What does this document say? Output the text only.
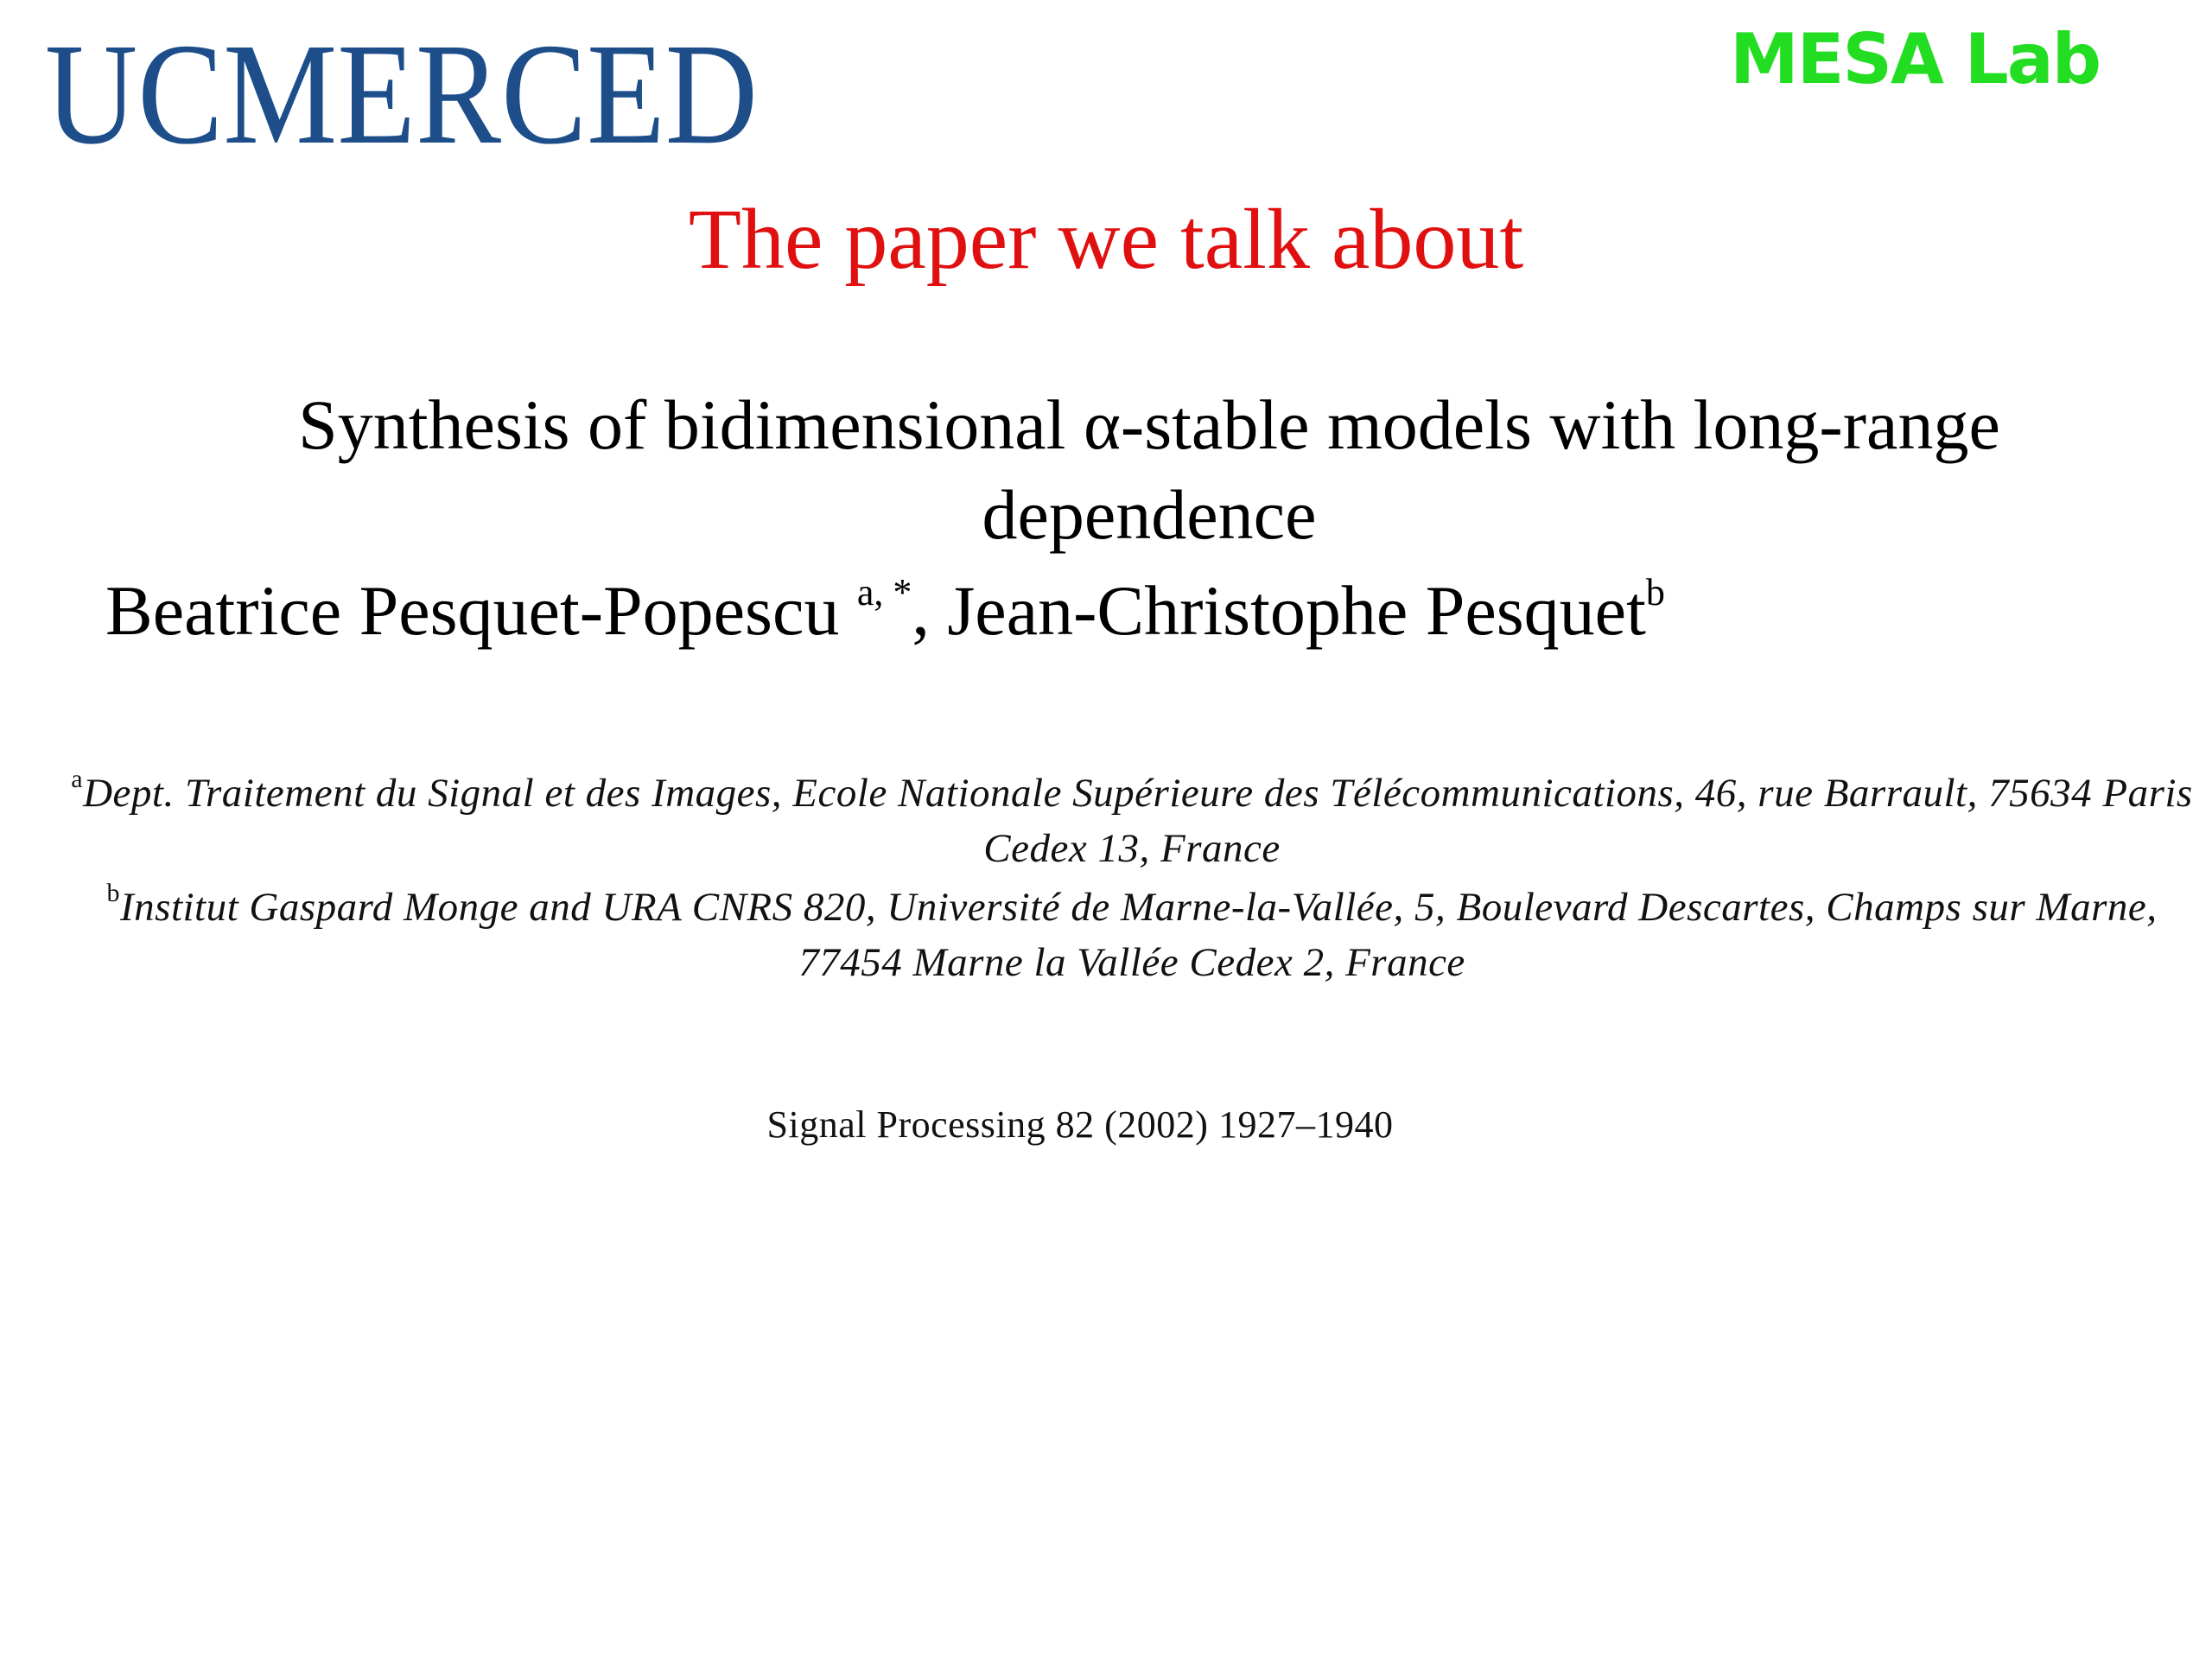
UCMERCED	MESA Lab
The paper we talk about
Synthesis of bidimensional α-stable models with long-range dependence
Beatrice Pesquet-Popescu $^{a, *}$, Jean-Christophe Pesquet$^b$
$^a$Dept. Traitement du Signal et des Images, Ecole Nationale Supérieure des Télécommunications, 46, rue Barrault, 75634 Paris Cedex 13, France
$^b$Institut Gaspard Monge and URA CNRS 820, Université de Marne-la-Vallée, 5, Boulevard Descartes, Champs sur Marne, 77454 Marne la Vallée Cedex 2, France
Signal Processing 82 (2002) 1927–1940
